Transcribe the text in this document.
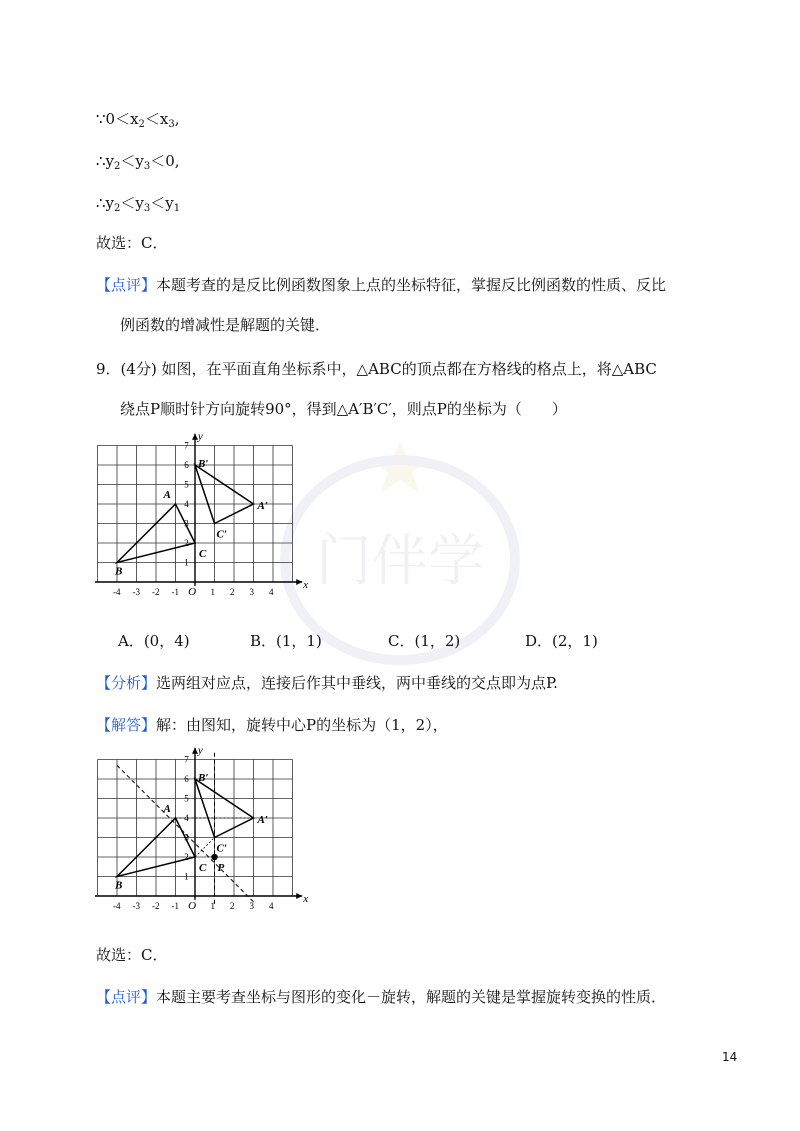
门伴学
$\because 0<x_2<x_3$,
$\therefore y_2<y_3<0$,
$\therefore y_2<y_3<y_1$
故选：C．
【点评】本题考查的是反比例函数图象上点的坐标特征，掌握反比例函数的性质、反比
例函数的增减性是解题的关键．
9．(4分) 如图，在平面直角坐标系中，△ABC的顶点都在方格线的格点上，将△ABC
绕点P顺时针方向旋转90°，得到△A′B′C′，则点P的坐标为（　　）
x
y
-4 -3 -2 -1 O 1 2 3 4
1
2
3
4
5
6
7
A
B
C
A′
B′
C′
A．(0，4)	B．(1，1)	C．(1，2)	D．(2，1)
【分析】选两组对应点，连接后作其中垂线，两中垂线的交点即为点P.
【解答】解：由图知，旋转中心P的坐标为（1，2），
x
y
-4 -3 -2 -1 O 1 2 3 4
1
2
3
4
5
6
7
A
B
C
A′
B′
C′
P
故选：C．
【点评】本题主要考查坐标与图形的变化－旋转，解题的关键是掌握旋转变换的性质．
14
